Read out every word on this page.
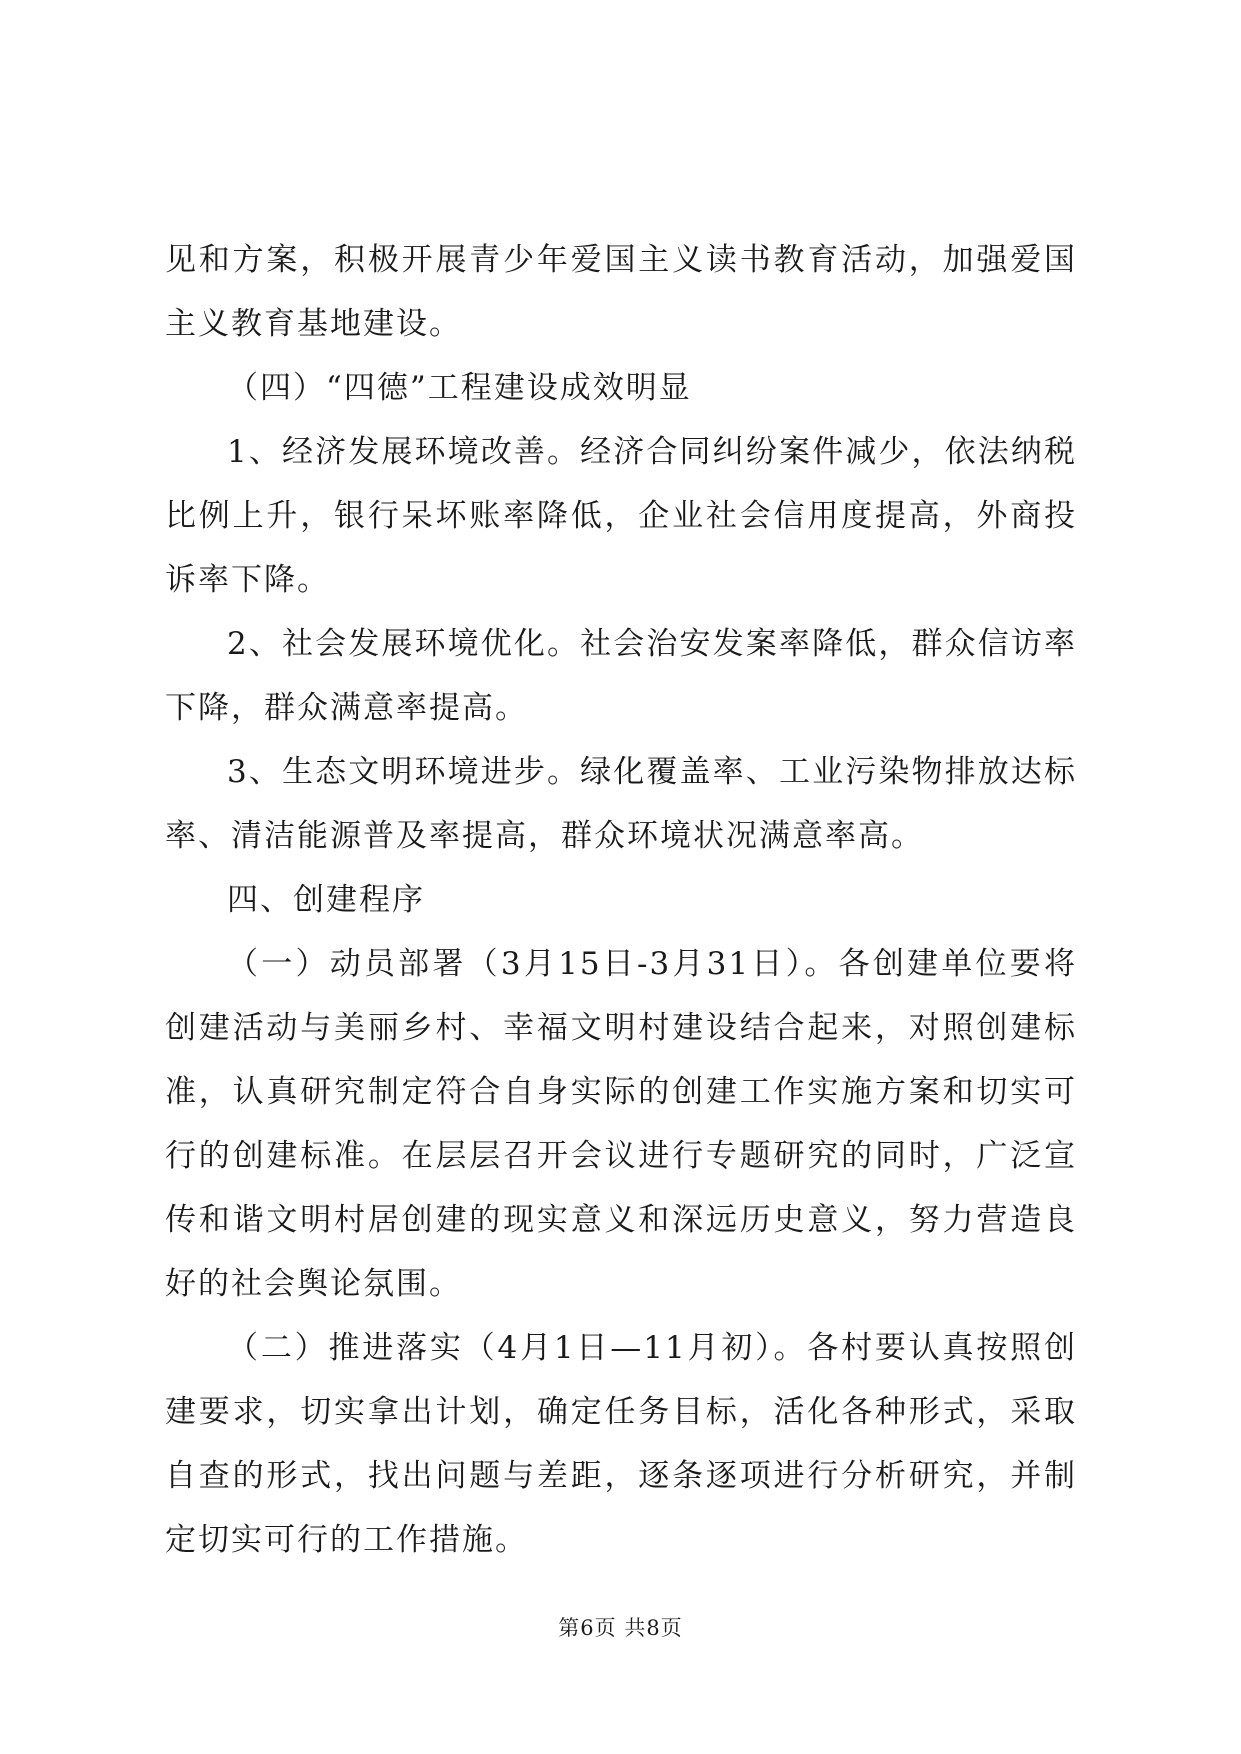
见和方案，积极开展青少年爱国主义读书教育活动，加强爱国主义教育基地建设。

（四）“四德”工程建设成效明显

1、经济发展环境改善。经济合同纠纷案件减少，依法纳税比例上升，银行呆坏账率降低，企业社会信用度提高，外商投诉率下降。

2、社会发展环境优化。社会治安发案率降低，群众信访率下降，群众满意率提高。

3、生态文明环境进步。绿化覆盖率、工业污染物排放达标率、清洁能源普及率提高，群众环境状况满意率高。

四、创建程序

（一）动员部署（3月15日-3月31日）。各创建单位要将创建活动与美丽乡村、幸福文明村建设结合起来，对照创建标准，认真研究制定符合自身实际的创建工作实施方案和切实可行的创建标准。在层层召开会议进行专题研究的同时，广泛宣传和谐文明村居创建的现实意义和深远历史意义，努力营造良好的社会舆论氛围。

（二）推进落实（4月1日—11月初）。各村要认真按照创建要求，切实拿出计划，确定任务目标，活化各种形式，采取自查的形式，找出问题与差距，逐条逐项进行分析研究，并制定切实可行的工作措施。

第6页 共8页
